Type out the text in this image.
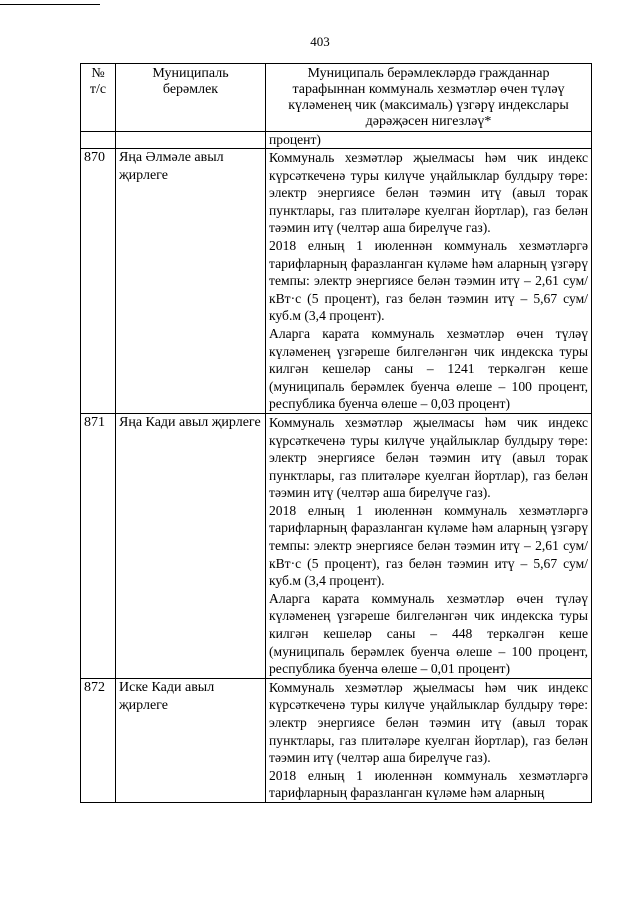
403
№ т/с	Муниципаль берәмлек	Муниципаль берәмлекләрдә гражданнар тарафыннан коммуналь хезмәтләр өчен түләү күләменең чик (максималь) үзгәрү индекслары дәрәҗәсен нигезләү*
		процент)
870	Яңа Әлмәле авыл җирлеге	Коммуналь хезмәтләр җыелмасы һәм чик индекс күрсәткеченә туры килүче уңайлыклар булдыру төре: электр энергиясе белән тәэмин итү (авыл торак пунктлары, газ плитәләре куелган йортлар), газ белән тәэмин итү (челтәр аша бирелүче газ).
2018 елның 1 июленнән коммуналь хезмәтләргә тарифларның фаразланган күләме һәм аларның үзгәрү темпы: электр энергиясе белән тәэмин итү – 2,61 сум/кВт·с (5 процент), газ белән тәэмин итү – 5,67 сум/куб.м (3,4 процент).
Аларга карата коммуналь хезмәтләр өчен түләү күләменең үзгәреше билгеләнгән чик индекска туры килгән кешеләр саны – 1241 теркәлгән кеше (муниципаль берәмлек буенча өлеше – 100 процент, республика буенча өлеше – 0,03 процент)

871	Яңа Кади авыл җирлеге	Коммуналь хезмәтләр җыелмасы һәм чик индекс күрсәткеченә туры килүче уңайлыклар булдыру төре: электр энергиясе белән тәэмин итү (авыл торак пунктлары, газ плитәләре куелган йортлар), газ белән тәэмин итү (челтәр аша бирелүче газ).
2018 елның 1 июленнән коммуналь хезмәтләргә тарифларның фаразланган күләме һәм аларның үзгәрү темпы: электр энергиясе белән тәэмин итү – 2,61 сум/кВт·с (5 процент), газ белән тәэмин итү – 5,67 сум/куб.м (3,4 процент).
Аларга карата коммуналь хезмәтләр өчен түләү күләменең үзгәреше билгеләнгән чик индекска туры килгән кешеләр саны – 448 теркәлгән кеше (муниципаль берәмлек буенча өлеше – 100 процент, республика буенча өлеше – 0,01 процент)

872	Иске Кади авыл җирлеге	Коммуналь хезмәтләр җыелмасы һәм чик индекс күрсәткеченә туры килүче уңайлыклар булдыру төре: электр энергиясе белән тәэмин итү (авыл торак пунктлары, газ плитәләре куелган йортлар), газ белән тәэмин итү (челтәр аша бирелүче газ).
2018 елның 1 июленнән коммуналь хезмәтләргә тарифларның фаразланган күләме һәм аларның
